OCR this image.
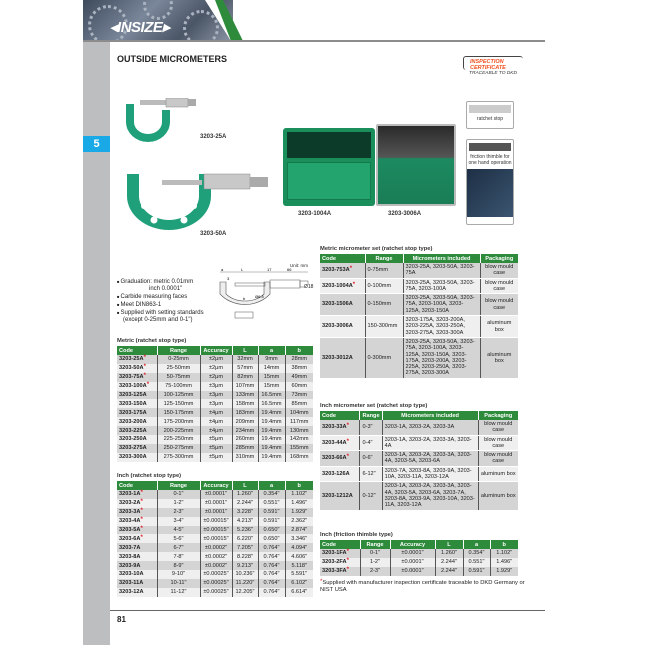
◂INSIZE▸
5
OUTSIDE MICROMETERS	INSPECTION
CERTIFICATE
TRACEABLE TO DKD
3203-25A
3203-50A
3203-1004A	3203-3006A
ratchet stop
friction thimble for one hand operation
■ Graduation: metric 0.01mm
inch 0.0001"
■ Carbide measuring faces
■ Meet DIN863-1
■ Supplied with setting standards
(except 0-25mm and 0-1")
Unit: mm
a	L	17	66
3
b Ø6.5
Ø18
Metric (ratchet stop type)
Code	Range	Accuracy	L	a	b
3203-25A*	0-25mm	±2μm	32mm	9mm	28mm
3203-50A*	25-50mm	±2μm	57mm	14mm	38mm
3203-75A*	50-75mm	±2μm	82mm	15mm	49mm
3203-100A*	75-100mm	±3μm	107mm	15mm	60mm
3203-125A	100-125mm	±3μm	133mm	16.5mm	73mm
3203-150A	125-150mm	±3μm	158mm	16.5mm	85mm
3203-175A	150-175mm	±4μm	183mm	19.4mm	104mm
3203-200A	175-200mm	±4μm	209mm	19.4mm	117mm
3203-225A	200-225mm	±4μm	234mm	19.4mm	130mm
3203-250A	225-250mm	±5μm	260mm	19.4mm	142mm
3203-275A	250-275mm	±5μm	285mm	19.4mm	155mm
3203-300A	275-300mm	±5μm	310mm	19.4mm	168mm
Inch (ratchet stop type)
Code	Range	Accuracy	L	a	b
3203-1A*	0-1"	±0.0001"	1.260"	0.354"	1.102"
3203-2A*	1-2"	±0.0001"	2.244"	0.551"	1.496"
3203-3A*	2-3"	±0.0001"	3.228"	0.591"	1.929"
3203-4A*	3-4"	±0.00015"	4.213"	0.591"	2.362"
3203-5A*	4-5"	±0.00015"	5.236"	0.650"	2.874"
3203-6A*	5-6"	±0.00015"	6.220"	0.650"	3.346"
3203-7A	6-7"	±0.0002"	7.205"	0.764"	4.094"
3203-8A	7-8"	±0.0002"	8.228"	0.764"	4.606"
3203-9A	8-9"	±0.0002"	9.213"	0.764"	5.118"
3203-10A	9-10"	±0.00025"	10.236"	0.764"	5.591"
3203-11A	10-11"	±0.00025"	11.220"	0.764"	6.102"
3203-12A	11-12"	±0.00025"	12.205"	0.764"	6.614"
Metric micrometer set (ratchet stop type)
Code	Range	Micrometers included	Packaging
3203-753A*	0-75mm	3203-25A, 3203-50A, 3203-75A	blow mould case
3203-1004A*	0-100mm	3203-25A, 3203-50A, 3203-75A, 3203-100A	blow mould case
3203-1506A	0-150mm	3203-25A, 3203-50A, 3203-75A, 3203-100A, 3203-125A, 3203-150A	blow mould case
3203-3006A	150-300mm	3203-175A, 3203-200A, 3203-225A, 3203-250A, 3203-275A, 3203-300A	aluminum box
3203-3012A	0-300mm	3203-25A, 3203-50A, 3203-75A, 3203-100A, 3203-125A, 3203-150A, 3203-175A, 3203-200A, 3203-225A, 3203-250A, 3203-275A, 3203-300A	aluminum box
Inch micrometer set (ratchet stop type)
Code	Range	Micrometers included	Packaging
3203-33A*	0-3"	3203-1A, 3203-2A, 3203-3A	blow mould case
3203-44A*	0-4"	3203-1A, 3203-2A, 3203-3A, 3203-4A	blow mould case
3203-66A*	0-6"	3203-1A, 3203-2A, 3203-3A, 3203-4A, 3203-5A, 3203-6A	blow mould case
3203-126A	6-12"	3203-7A, 3203-8A, 3203-9A, 3203-10A, 3203-11A, 3203-12A	aluminum box
3203-1212A	0-12"	3203-1A, 3203-2A, 3203-3A, 3203-4A, 3203-5A, 3203-6A, 3203-7A, 3203-8A, 3203-9A, 3203-10A, 3203-11A, 3203-12A	aluminum box
Inch (friction thimble type)
Code	Range	Accuracy	L	a	b
3203-1FA*	0-1"	±0.0001"	1.260"	0.354"	1.102"
3203-2FA*	1-2"	±0.0001"	2.244"	0.551"	1.496"
3203-3FA*	2-3"	±0.0001"	2.244"	0.591"	1.929"
*Supplied with manufacturer inspection certificate traceable to DKD Germany or NIST USA
81
